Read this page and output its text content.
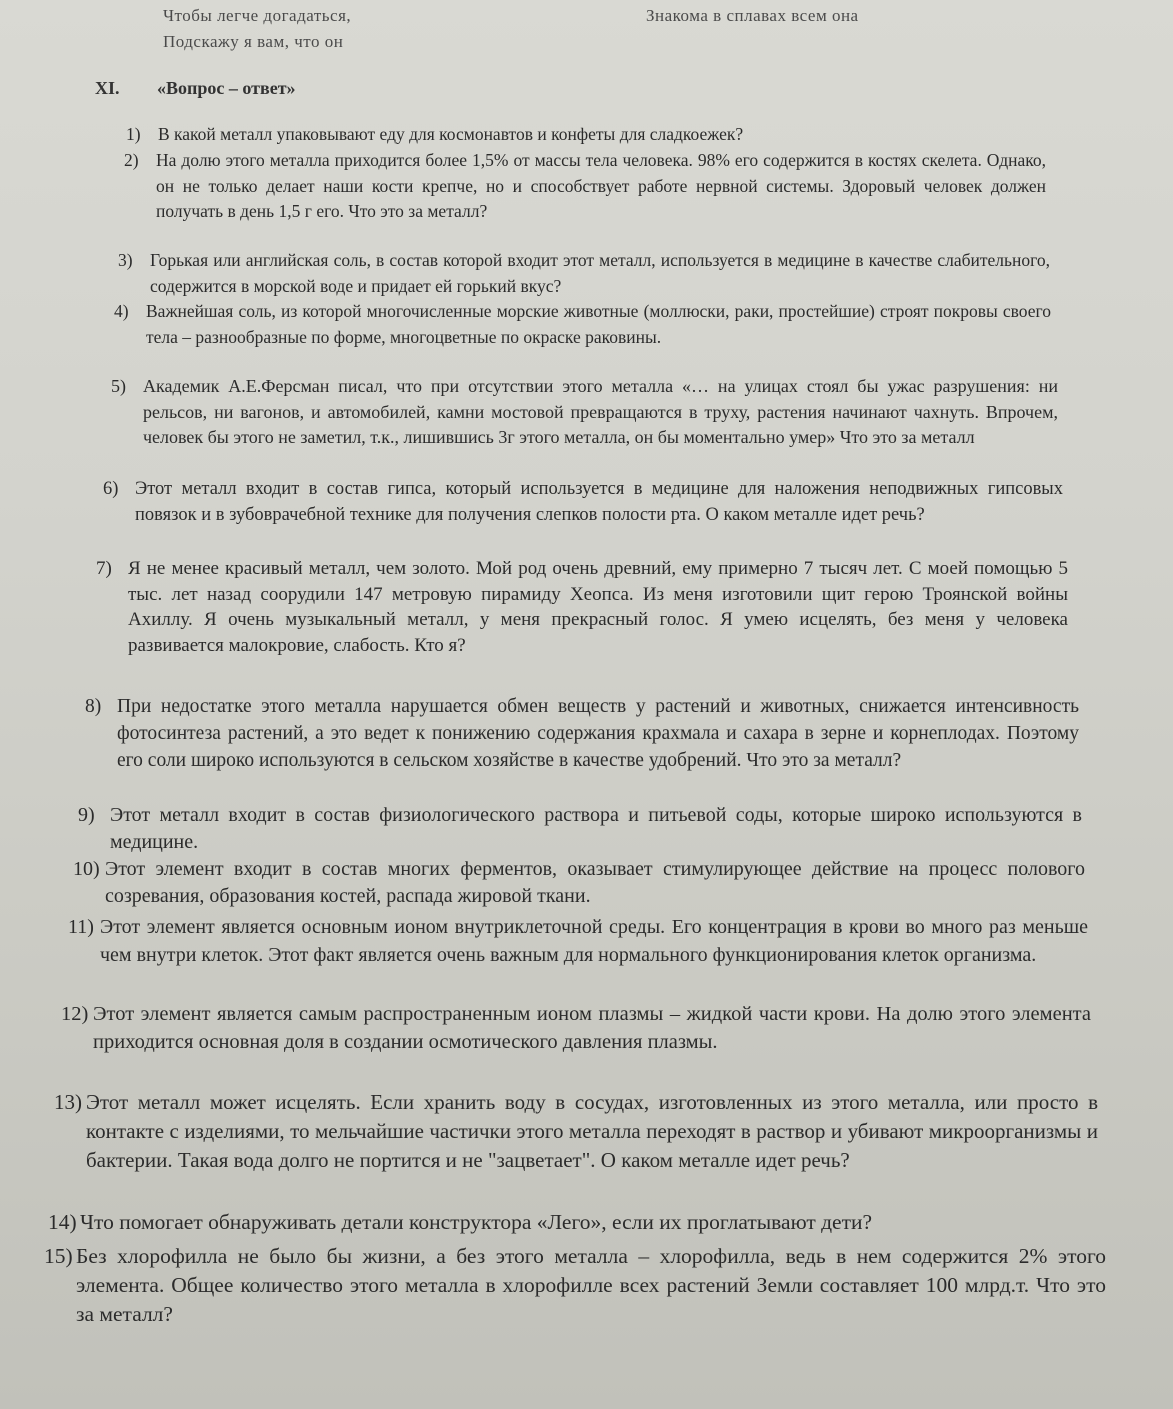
Чтобы легче догадаться,
Подскажу я вам, что он
Знакома в сплавах всем она
XI. «Вопрос – ответ»
1) В какой металл упаковывают еду для космонавтов и конфеты для сладкоежек?
2) На долю этого металла приходится более 1,5% от массы тела человека. 98% его содержится в костях скелета. Однако, он не только делает наши кости крепче, но и способствует работе нервной системы. Здоровый человек должен получать в день 1,5 г его. Что это за металл?
3) Горькая или английская соль, в состав которой входит этот металл, используется в медицине в качестве слабительного, содержится в морской воде и придает ей горький вкус?
4) Важнейшая соль, из которой многочисленные морские животные (моллюски, раки, простейшие) строят покровы своего тела – разнообразные по форме, многоцветные по окраске раковины.
5) Академик А.Е.Ферсман писал, что при отсутствии этого металла «… на улицах стоял бы ужас разрушения: ни рельсов, ни вагонов, и автомобилей, камни мостовой превращаются в труху, растения начинают чахнуть. Впрочем, человек бы этого не заметил, т.к., лишившись 3г этого металла, он бы моментально умер» Что это за металл
6) Этот металл входит в состав гипса, который используется в медицине для наложения неподвижных гипсовых повязок и в зубоврачебной технике для получения слепков полости рта. О каком металле идет речь?
7) Я не менее красивый металл, чем золото. Мой род очень древний, ему примерно 7 тысяч лет. С моей помощью 5 тыс. лет назад соорудили 147 метровую пирамиду Хеопса. Из меня изготовили щит герою Троянской войны Ахиллу. Я очень музыкальный металл, у меня прекрасный голос. Я умею исцелять, без меня у человека развивается малокровие, слабость. Кто я?
8) При недостатке этого металла нарушается обмен веществ у растений и животных, снижается интенсивность фотосинтеза растений, а это ведет к понижению содержания крахмала и сахара в зерне и корнеплодах. Поэтому его соли широко используются в сельском хозяйстве в качестве удобрений. Что это за металл?
9) Этот металл входит в состав физиологического раствора и питьевой соды, которые широко используются в медицине.
10) Этот элемент входит в состав многих ферментов, оказывает стимулирующее действие на процесс полового созревания, образования костей, распада жировой ткани.
11) Этот элемент является основным ионом внутриклеточной среды. Его концентрация в крови во много раз меньше чем внутри клеток. Этот факт является очень важным для нормального функционирования клеток организма.
12) Этот элемент является самым распространенным ионом плазмы – жидкой части крови. На долю этого элемента приходится основная доля в создании осмотического давления плазмы.
13) Этот металл может исцелять. Если хранить воду в сосудах, изготовленных из этого металла, или просто в контакте с изделиями, то мельчайшие частички этого металла переходят в раствор и убивают микроорганизмы и бактерии. Такая вода долго не портится и не "зацветает". О каком металле идет речь?
14) Что помогает обнаруживать детали конструктора «Лего», если их проглатывают дети?
15) Без хлорофилла не было бы жизни, а без этого металла – хлорофилла, ведь в нем содержится 2% этого элемента. Общее количество этого металла в хлорофилле всех растений Земли составляет 100 млрд.т. Что это за металл?
